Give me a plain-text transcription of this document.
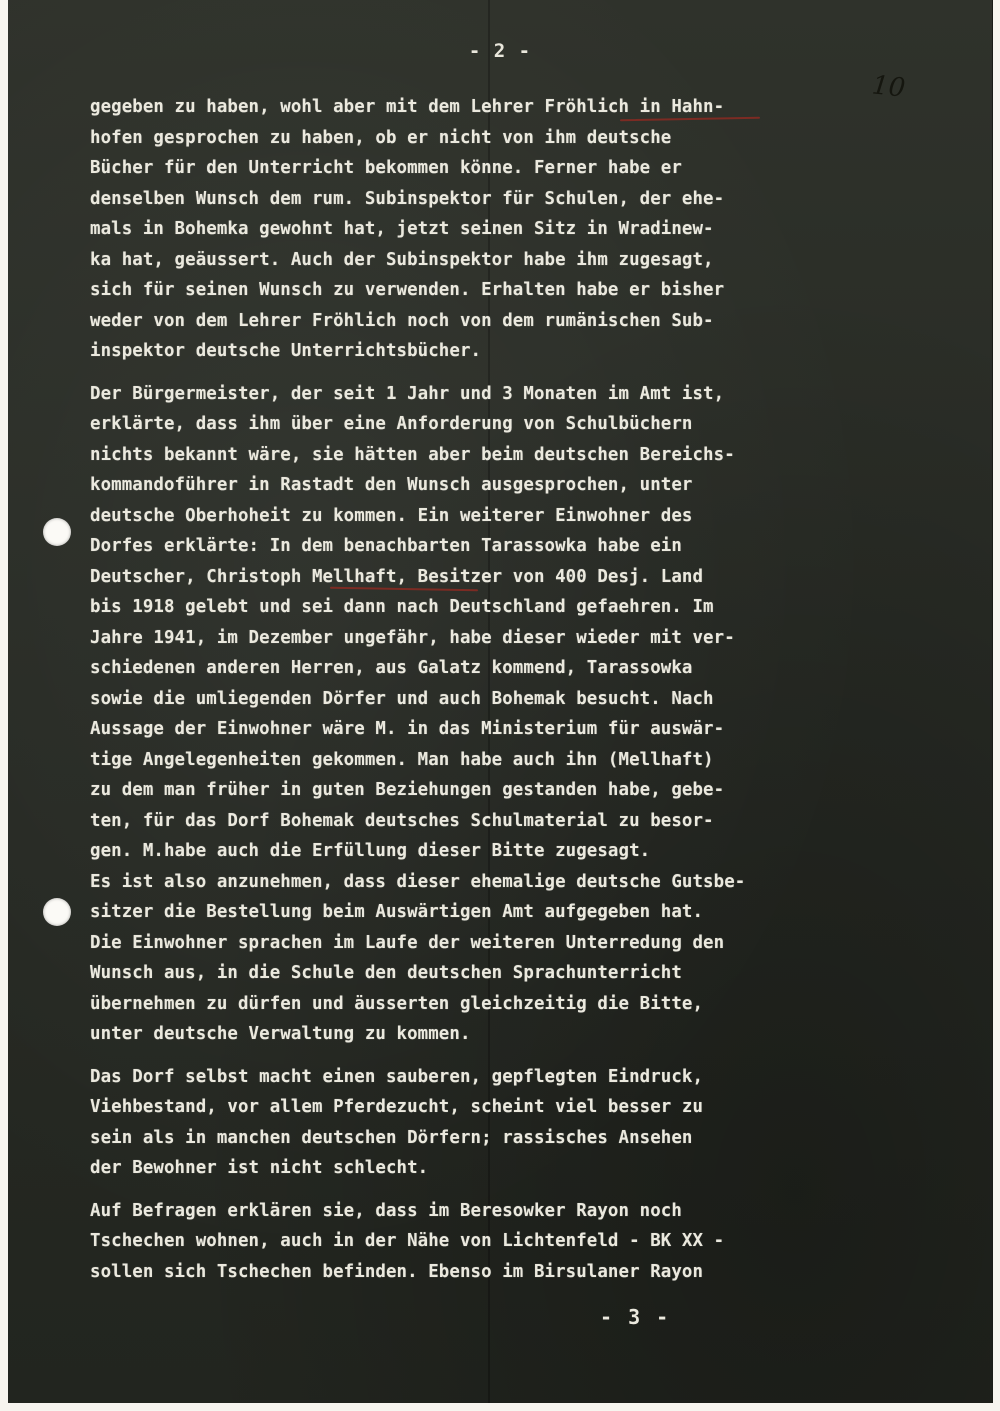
- 2 -
10
gegeben zu haben, wohl aber mit dem Lehrer Fröhlich in Hahn-
hofen gesprochen zu haben, ob er nicht von ihm deutsche
Bücher für den Unterricht bekommen könne. Ferner habe er
denselben Wunsch dem rum. Subinspektor für Schulen, der ehe-
mals in Bohemka gewohnt hat, jetzt seinen Sitz in Wradinew-
ka hat, geäussert. Auch der Subinspektor habe ihm zugesagt,
sich für seinen Wunsch zu verwenden. Erhalten habe er bisher
weder von dem Lehrer Fröhlich noch von dem rumänischen Sub-
inspektor deutsche Unterrichtsbücher.
Der Bürgermeister, der seit 1 Jahr und 3 Monaten im Amt ist,
erklärte, dass ihm über eine Anforderung von Schulbüchern
nichts bekannt wäre, sie hätten aber beim deutschen Bereichs-
kommandoführer in Rastadt den Wunsch ausgesprochen, unter
deutsche Oberhoheit zu kommen. Ein weiterer Einwohner des
Dorfes erklärte: In dem benachbarten Tarassowka habe ein
Deutscher, Christoph Mellhaft, Besitzer von 400 Desj. Land
bis 1918 gelebt und sei dann nach Deutschland gefaehren. Im
Jahre 1941, im Dezember ungefähr, habe dieser wieder mit ver-
schiedenen anderen Herren, aus Galatz kommend, Tarassowka
sowie die umliegenden Dörfer und auch Bohemak besucht. Nach
Aussage der Einwohner wäre M. in das Ministerium für auswär-
tige Angelegenheiten gekommen. Man habe auch ihn (Mellhaft)
zu dem man früher in guten Beziehungen gestanden habe, gebe-
ten, für das Dorf Bohemak deutsches Schulmaterial zu besor-
gen. M.habe auch die Erfüllung dieser Bitte zugesagt.
Es ist also anzunehmen, dass dieser ehemalige deutsche Gutsbe-
sitzer die Bestellung beim Auswärtigen Amt aufgegeben hat.
Die Einwohner sprachen im Laufe der weiteren Unterredung den
Wunsch aus, in die Schule den deutschen Sprachunterricht
übernehmen zu dürfen und äusserten gleichzeitig die Bitte,
unter deutsche Verwaltung zu kommen.
Das Dorf selbst macht einen sauberen, gepflegten Eindruck,
Viehbestand, vor allem Pferdezucht, scheint viel besser zu
sein als in manchen deutschen Dörfern; rassisches Ansehen
der Bewohner ist nicht schlecht.
Auf Befragen erklären sie, dass im Beresowker Rayon noch
Tschechen wohnen, auch in der Nähe von Lichtenfeld - BK XX -
sollen sich Tschechen befinden. Ebenso im Birsulaner Rayon
- 3 -
